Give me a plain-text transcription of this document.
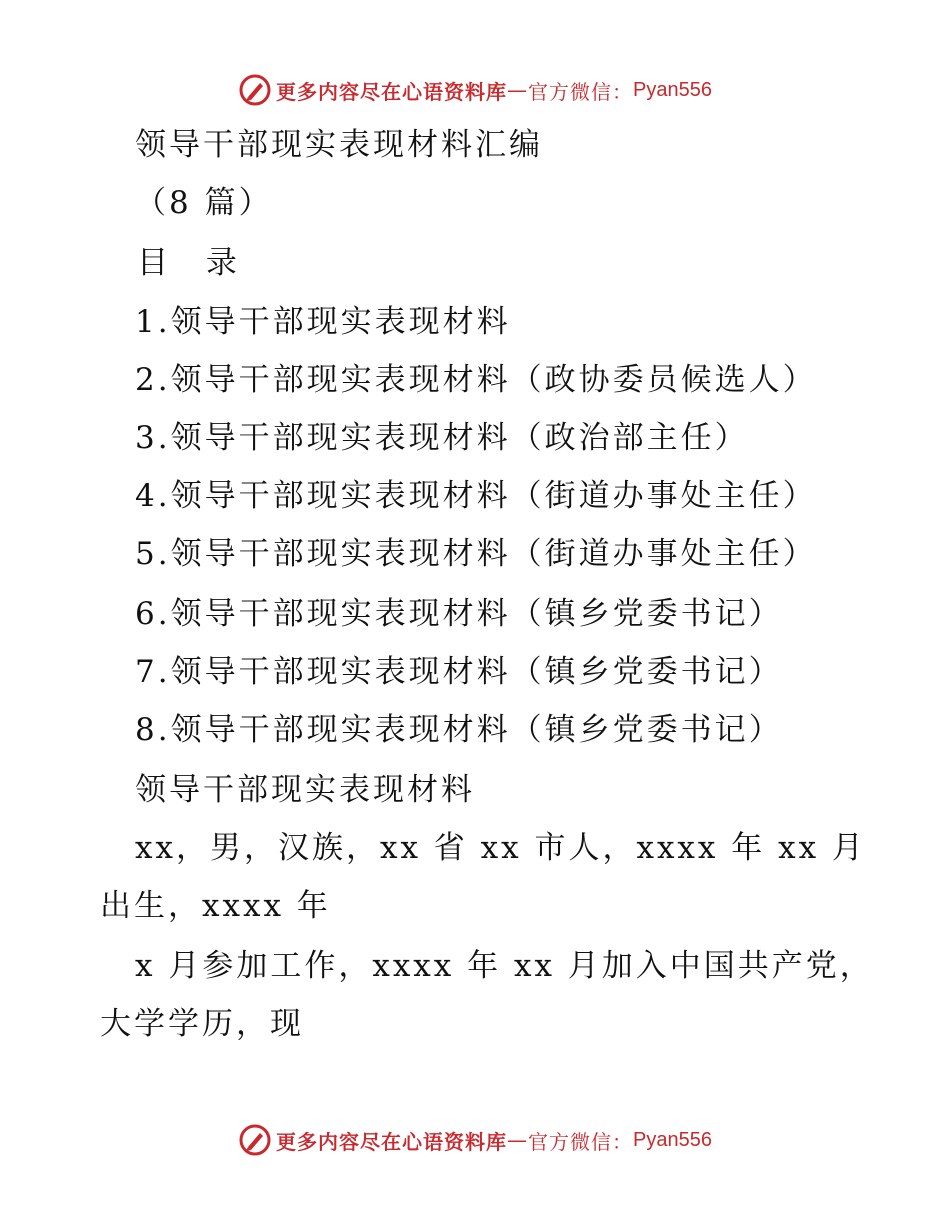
更多内容尽在心语资料库 — 官方微信： Pyan556
领导干部现实表现材料汇编
（8 篇）
目 录
1.领导干部现实表现材料
2.领导干部现实表现材料（政协委员候选人）
3.领导干部现实表现材料（政治部主任）
4.领导干部现实表现材料（街道办事处主任）
5.领导干部现实表现材料（街道办事处主任）
6.领导干部现实表现材料（镇乡党委书记）
7.领导干部现实表现材料（镇乡党委书记）
8.领导干部现实表现材料（镇乡党委书记）
领导干部现实表现材料
xx，男，汉族，xx 省 xx 市人，xxxx 年 xx 月
出生，xxxx 年
x 月参加工作，xxxx 年 xx 月加入中国共产党，
大学学历，现
更多内容尽在心语资料库 — 官方微信： Pyan556
